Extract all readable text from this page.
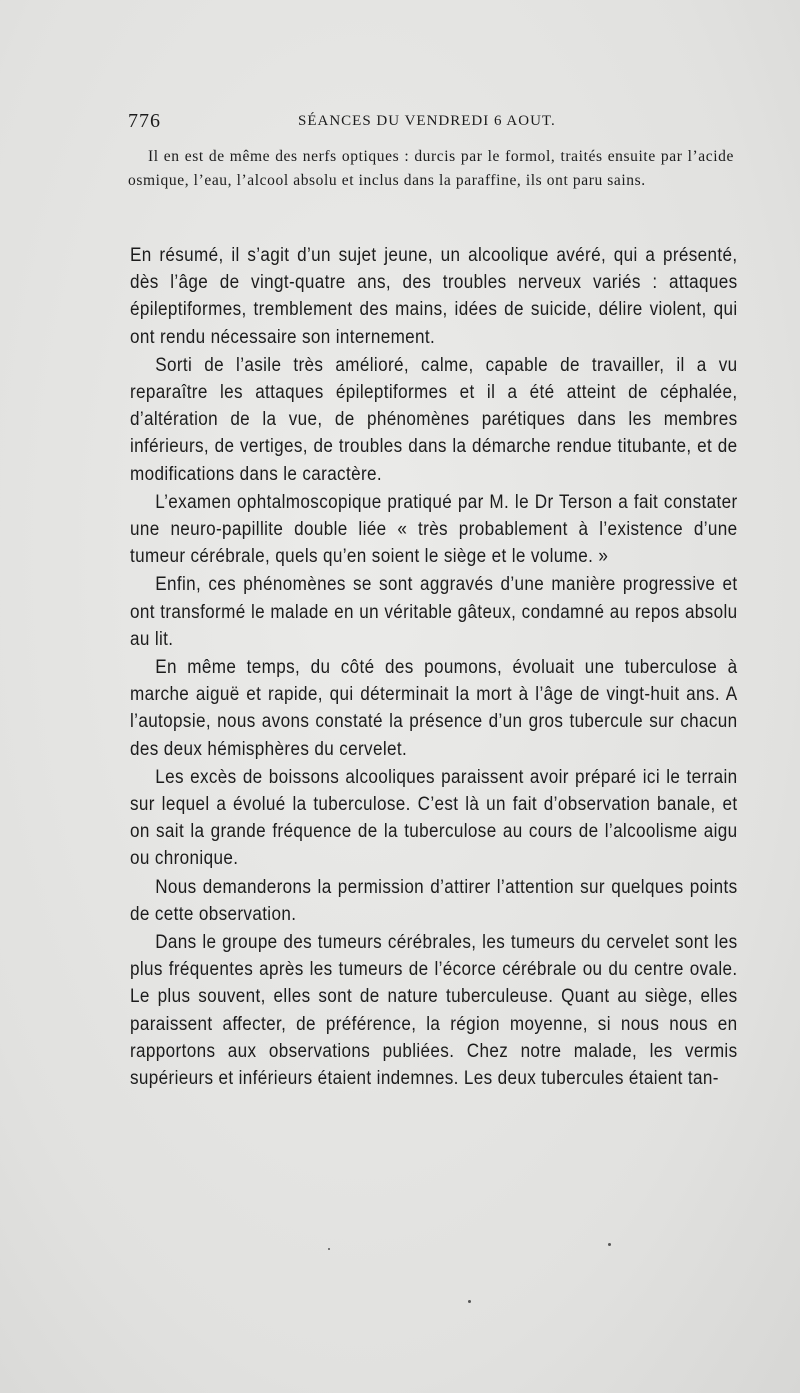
776	SÉANCES DU VENDREDI 6 AOUT.

Il en est de même des nerfs optiques : durcis par le formol, traités ensuite par l’acide osmique, l’eau, l’alcool absolu et inclus dans la paraffine, ils ont paru sains.

En résumé, il s’agit d’un sujet jeune, un alcoolique avéré, qui a présenté, dès l’âge de vingt-quatre ans, des troubles nerveux variés : attaques épileptiformes, tremblement des mains, idées de suicide, délire violent, qui ont rendu nécessaire son internement.

Sorti de l’asile très amélioré, calme, capable de travailler, il a vu reparaître les attaques épileptiformes et il a été atteint de céphalée, d’altération de la vue, de phénomènes parétiques dans les membres inférieurs, de vertiges, de troubles dans la démarche rendue titubante, et de modifications dans le caractère.

L’examen ophtalmoscopique pratiqué par M. le Dr Terson a fait constater une neuro-papillite double liée « très probablement à l’existence d’une tumeur cérébrale, quels qu’en soient le siège et le volume. »

Enfin, ces phénomènes se sont aggravés d’une manière progressive et ont transformé le malade en un véritable gâteux, condamné au repos absolu au lit.

En même temps, du côté des poumons, évoluait une tuberculose à marche aiguë et rapide, qui déterminait la mort à l’âge de vingt-huit ans. A l’autopsie, nous avons constaté la présence d’un gros tubercule sur chacun des deux hémisphères du cervelet.

Les excès de boissons alcooliques paraissent avoir préparé ici le terrain sur lequel a évolué la tuberculose. C’est là un fait d’observation banale, et on sait la grande fréquence de la tuberculose au cours de l’alcoolisme aigu ou chronique.

Nous demanderons la permission d’attirer l’attention sur quelques points de cette observation.

Dans le groupe des tumeurs cérébrales, les tumeurs du cervelet sont les plus fréquentes après les tumeurs de l’écorce cérébrale ou du centre ovale. Le plus souvent, elles sont de nature tuberculeuse. Quant au siège, elles paraissent affecter, de préférence, la région moyenne, si nous nous en rapportons aux observations publiées. Chez notre malade, les vermis supérieurs et inférieurs étaient indemnes. Les deux tubercules étaient tan-
